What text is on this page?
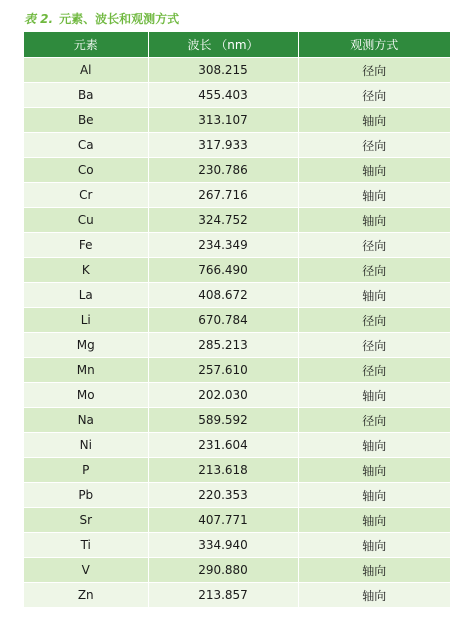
表 2. 元素、波长和观测方式
元素	波长 （nm）	观测方式
Al	308.215	径向
Ba	455.403	径向
Be	313.107	轴向
Ca	317.933	径向
Co	230.786	轴向
Cr	267.716	轴向
Cu	324.752	轴向
Fe	234.349	径向
K	766.490	径向
La	408.672	轴向
Li	670.784	径向
Mg	285.213	径向
Mn	257.610	径向
Mo	202.030	轴向
Na	589.592	径向
Ni	231.604	轴向
P	213.618	轴向
Pb	220.353	轴向
Sr	407.771	轴向
Ti	334.940	轴向
V	290.880	轴向
Zn	213.857	轴向
